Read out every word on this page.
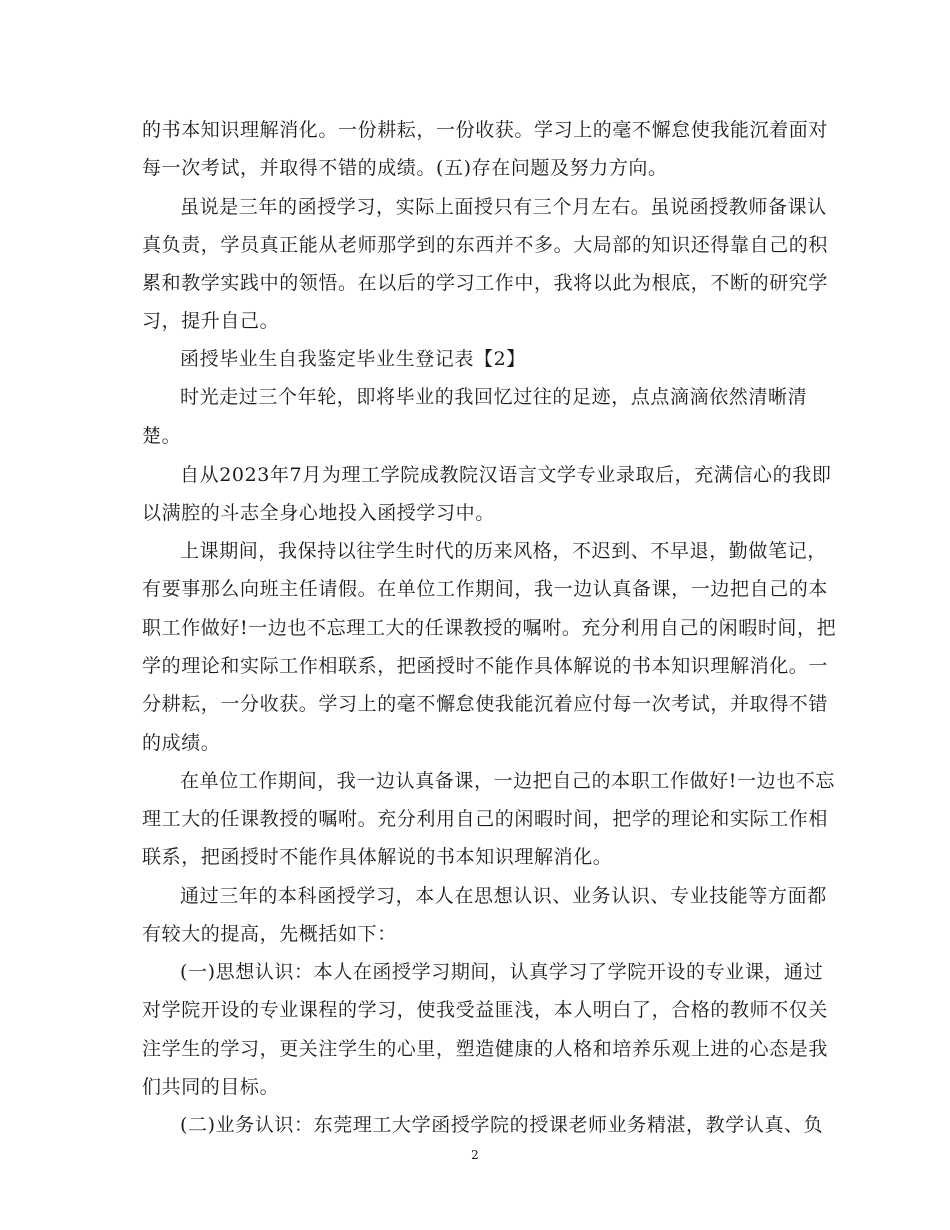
的书本知识理解消化。一份耕耘，一份收获。学习上的毫不懈怠使我能沉着面对
每一次考试，并取得不错的成绩。(五)存在问题及努力方向。
虽说是三年的函授学习，实际上面授只有三个月左右。虽说函授教师备课认
真负责，学员真正能从老师那学到的东西并不多。大局部的知识还得靠自己的积
累和教学实践中的领悟。在以后的学习工作中，我将以此为根底，不断的研究学
习，提升自己。
函授毕业生自我鉴定毕业生登记表【2】
时光走过三个年轮，即将毕业的我回忆过往的足迹，点点滴滴依然清晰清
楚。
自从2023年7月为理工学院成教院汉语言文学专业录取后，充满信心的我即
以满腔的斗志全身心地投入函授学习中。
上课期间，我保持以往学生时代的历来风格，不迟到、不早退，勤做笔记，
有要事那么向班主任请假。在单位工作期间，我一边认真备课，一边把自己的本
职工作做好!一边也不忘理工大的任课教授的嘱咐。充分利用自己的闲暇时间，把
学的理论和实际工作相联系，把函授时不能作具体解说的书本知识理解消化。一
分耕耘，一分收获。学习上的毫不懈怠使我能沉着应付每一次考试，并取得不错
的成绩。
在单位工作期间，我一边认真备课，一边把自己的本职工作做好!一边也不忘
理工大的任课教授的嘱咐。充分利用自己的闲暇时间，把学的理论和实际工作相
联系，把函授时不能作具体解说的书本知识理解消化。
通过三年的本科函授学习，本人在思想认识、业务认识、专业技能等方面都
有较大的提高，先概括如下：
(一)思想认识：本人在函授学习期间，认真学习了学院开设的专业课，通过
对学院开设的专业课程的学习，使我受益匪浅，本人明白了，合格的教师不仅关
注学生的学习，更关注学生的心里，塑造健康的人格和培养乐观上进的心态是我
们共同的目标。
(二)业务认识：东莞理工大学函授学院的授课老师业务精湛，教学认真、负
2
